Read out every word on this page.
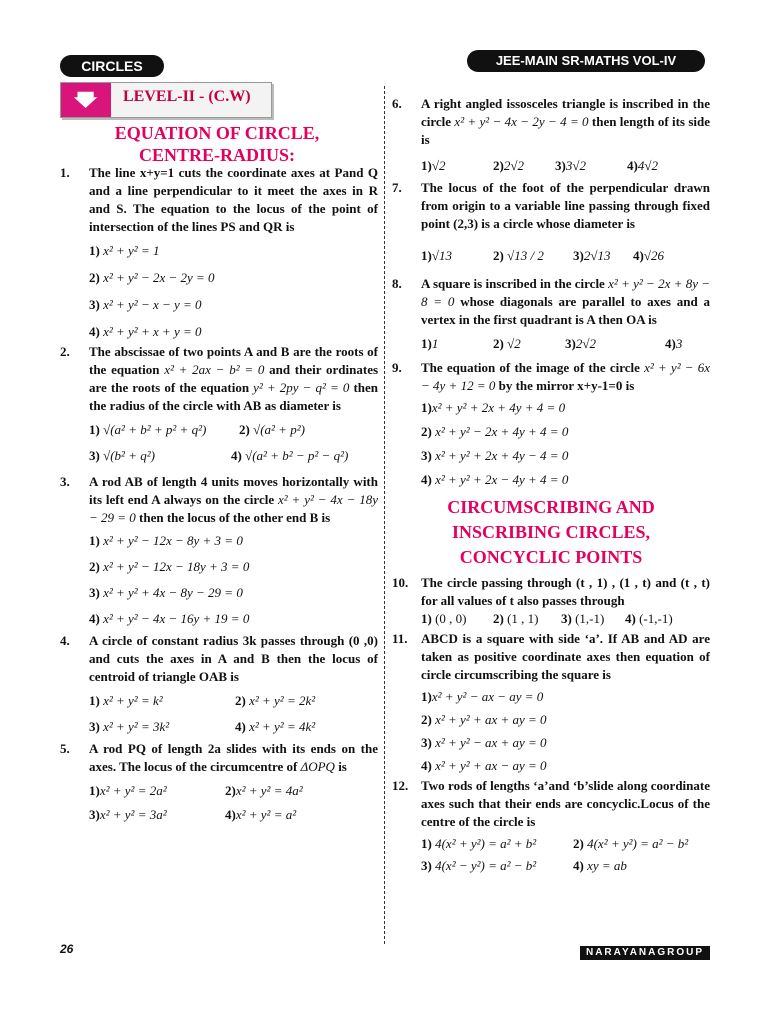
CIRCLES	JEE-MAIN SR-MATHS VOL-IV
LEVEL-II - (C.W)
EQUATION OF CIRCLE,
CENTRE-RADIUS:
1. The line x+y=1 cuts the coordinate axes at Pand Q and a line perpendicular to it meet the axes in R and S. The equation to the locus of the point of intersection of the lines PS and QR is
1) x² + y² = 1
2) x² + y² − 2x − 2y = 0
3) x² + y² − x − y = 0
4) x² + y² + x + y = 0
2. The abscissae of two points A and B are the roots of the equation x² + 2ax − b² = 0 and their ordinates are the roots of the equation y² + 2py − q² = 0 then the radius of the circle with AB as diameter is
1) √(a² + b² + p² + q²)	2) √(a² + p²)
3) √(b² + q²)	4) √(a² + b² − p² − q²)
3. A rod AB of length 4 units moves horizontally with its left end A always on the circle x² + y² − 4x − 18y − 29 = 0 then the locus of the other end B is
1) x² + y² − 12x − 8y + 3 = 0
2) x² + y² − 12x − 18y + 3 = 0
3) x² + y² + 4x − 8y − 29 = 0
4) x² + y² − 4x − 16y + 19 = 0
4. A circle of constant radius 3k passes through (0 ,0) and cuts the axes in A and B then the locus of centroid of triangle OAB is
1) x² + y² = k²	2) x² + y² = 2k²
3) x² + y² = 3k²	4) x² + y² = 4k²
5. A rod PQ of length 2a slides with its ends on the axes. The locus of the circumcentre of ΔOPQ is
1)x² + y² = 2a²	2)x² + y² = 4a²
3)x² + y² = 3a²	4)x² + y² = a²
6. A right angled issosceles triangle is inscribed in the circle x² + y² − 4x − 2y − 4 = 0 then length of its side is
1)√2	2)2√2	3)3√2	4)4√2
7. The locus of the foot of the perpendicular drawn from origin to a variable line passing through fixed point (2,3) is a circle whose diameter is
1)√13	2) √13 / 2	3)2√13	4)√26
8. A square is inscribed in the circle x² + y² − 2x + 8y − 8 = 0 whose diagonals are parallel to axes and a vertex in the first quadrant is A then OA is
1)1	2) √2	3)2√2	4)3
9. The equation of the image of the circle x² + y² − 6x − 4y + 12 = 0 by the mirror x+y-1=0 is
1)x² + y² + 2x + 4y + 4 = 0
2) x² + y² − 2x + 4y + 4 = 0
3) x² + y² + 2x + 4y − 4 = 0
4) x² + y² + 2x − 4y + 4 = 0
CIRCUMSCRIBING AND
INSCRIBING CIRCLES,
CONCYCLIC POINTS
10. The circle passing through (t , 1) , (1 , t) and (t , t) for all values of t also passes through
1) (0 , 0)	2) (1 , 1)	3) (1,-1)	4) (-1,-1)
11. ABCD is a square with side ‘a’. If AB and AD are taken as positive coordinate axes then equation of circle circumscribing the square is
1)x² + y² − ax − ay = 0
2) x² + y² + ax + ay = 0
3) x² + y² − ax + ay = 0
4) x² + y² + ax − ay = 0
12. Two rods of lengths ‘a’and ‘b’slide along coordinate axes such that their ends are concyclic.Locus of the centre of the circle is
1) 4(x² + y²) = a² + b²	2) 4(x² + y²) = a² − b²
3) 4(x² − y²) = a² − b²	4) xy = ab
26	NARAYANAGROUP
